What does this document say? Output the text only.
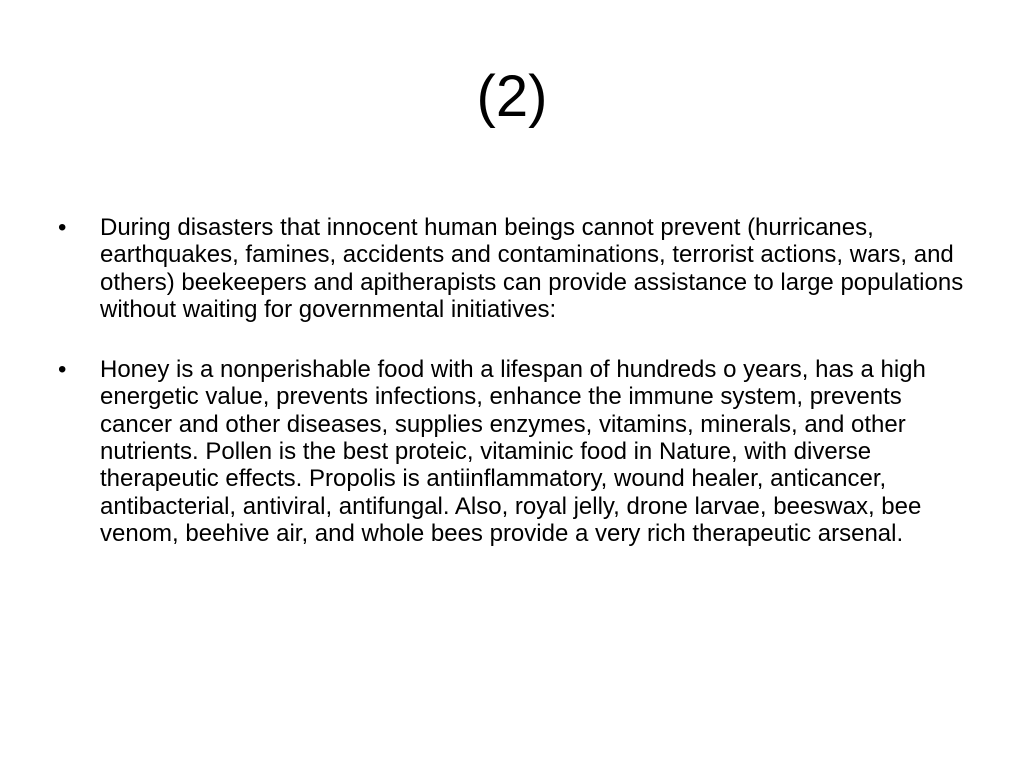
(2)
•	During disasters that innocent human beings cannot prevent (hurricanes, earthquakes, famines, accidents and contaminations, terrorist actions, wars, and others) beekeepers and apitherapists can provide assistance to large populations without waiting for governmental initiatives:
•	Honey is a nonperishable food with a lifespan of hundreds o years, has a high energetic value, prevents infections, enhance the immune system, prevents cancer and other diseases, supplies enzymes, vitamins, minerals, and other nutrients. Pollen is the best proteic, vitaminic food in Nature, with diverse therapeutic effects. Propolis is antiinflammatory, wound healer, anticancer, antibacterial, antiviral, antifungal. Also, royal jelly, drone larvae, beeswax, bee venom, beehive air, and whole bees provide a very rich therapeutic arsenal.
